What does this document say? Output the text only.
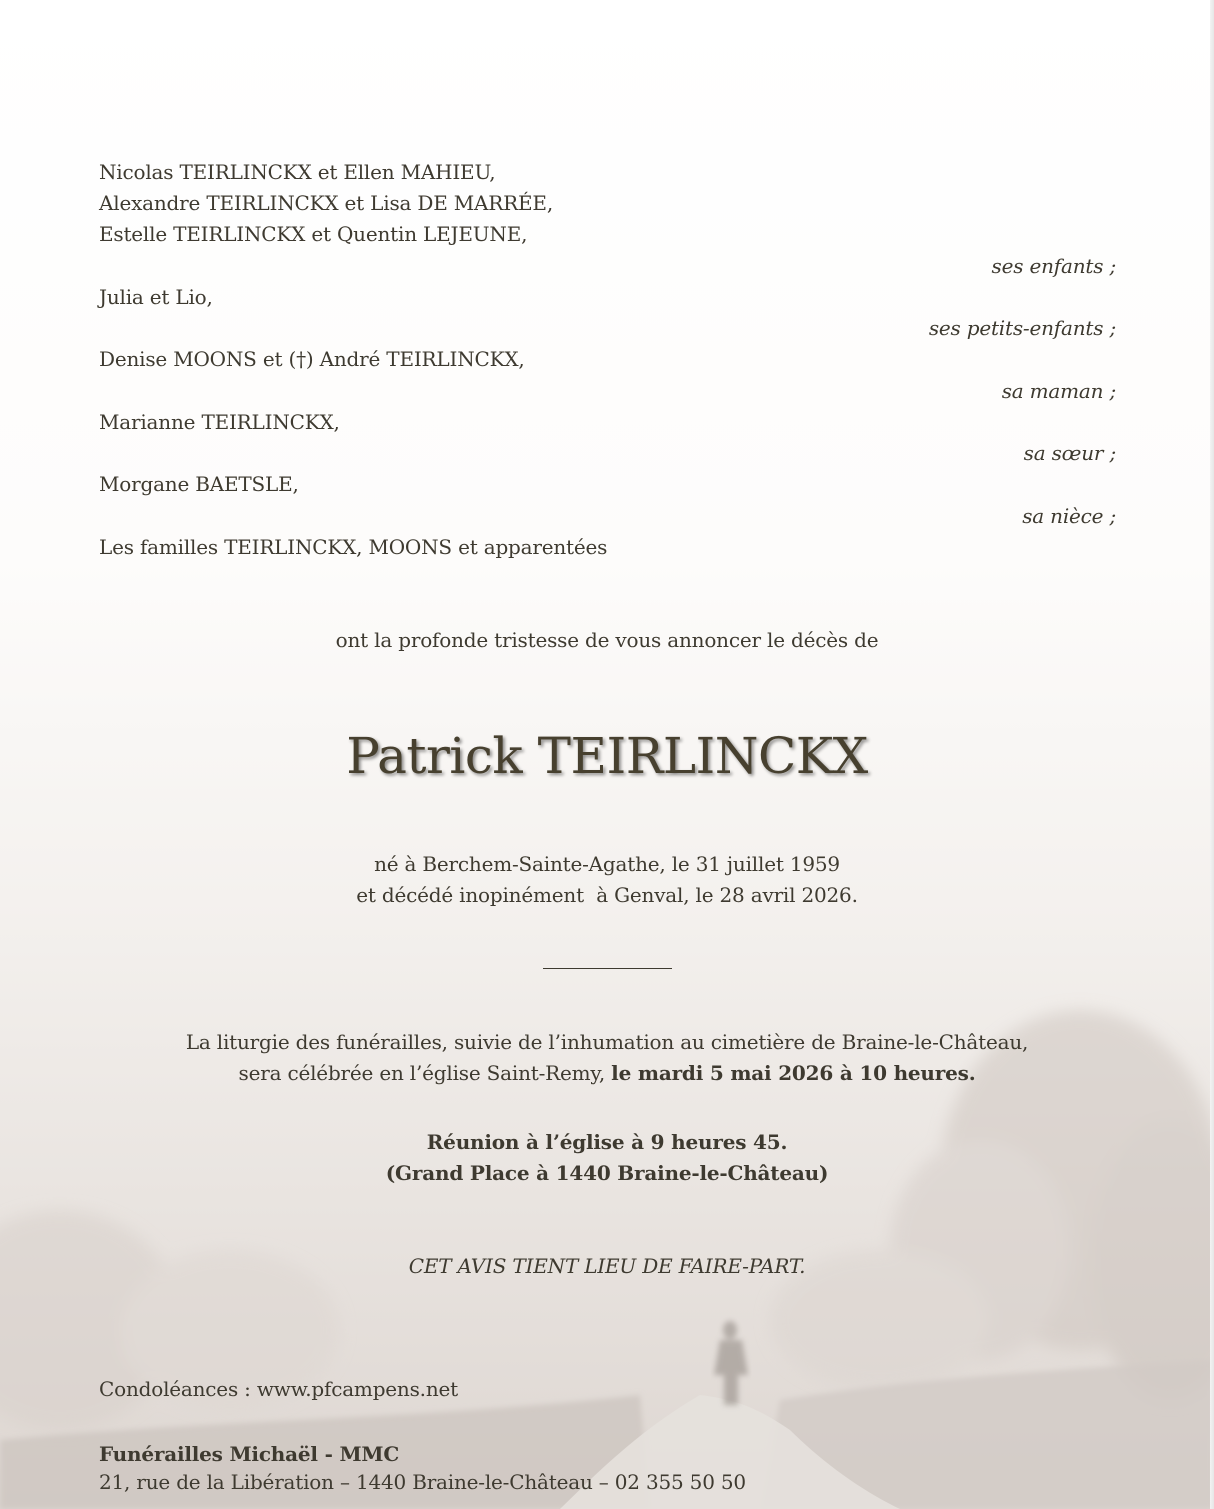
Nicolas TEIRLINCKX et Ellen MAHIEU,
Alexandre TEIRLINCKX et Lisa DE MARRÉE,
Estelle TEIRLINCKX et Quentin LEJEUNE,
ses enfants ;
Julia et Lio,
ses petits-enfants ;
Denise MOONS et (†) André TEIRLINCKX,
sa maman ;
Marianne TEIRLINCKX,
sa sœur ;
Morgane BAETSLE,
sa nièce ;
Les familles TEIRLINCKX, MOONS et apparentées
ont la profonde tristesse de vous annoncer le décès de
Patrick TEIRLINCKX
né à Berchem-Sainte-Agathe, le 31 juillet 1959
et décédé inopinément  à Genval, le 28 avril 2026.
La liturgie des funérailles, suivie de l’inhumation au cimetière de Braine-le-Château,
sera célébrée en l’église Saint-Remy, le mardi 5 mai 2026 à 10 heures.
Réunion à l’église à 9 heures 45.
(Grand Place à 1440 Braine-le-Château)
CET AVIS TIENT LIEU DE FAIRE-PART.
Condoléances : www.pfcampens.net
Funérailles Michaël - MMC
21, rue de la Libération – 1440 Braine-le-Château – 02 355 50 50
